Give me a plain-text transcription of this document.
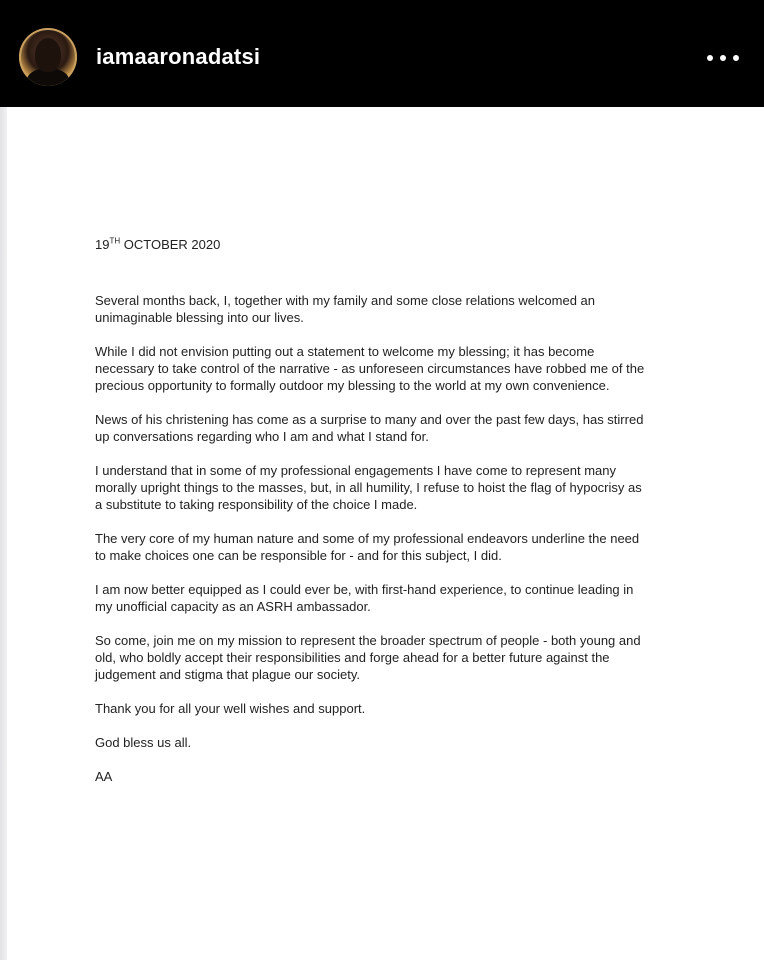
iamaaronadatsi
19TH OCTOBER 2020

Several months back, I, together with my family and some close relations welcomed an
unimaginable blessing into our lives.

While I did not envision putting out a statement to welcome my blessing; it has become
necessary to take control of the narrative - as unforeseen circumstances have robbed me of the
precious opportunity to formally outdoor my blessing to the world at my own convenience.

News of his christening has come as a surprise to many and over the past few days, has stirred
up conversations regarding who I am and what I stand for.

I understand that in some of my professional engagements I have come to represent many
morally upright things to the masses, but, in all humility, I refuse to hoist the flag of hypocrisy as
a substitute to taking responsibility of the choice I made.

The very core of my human nature and some of my professional endeavors underline the need
to make choices one can be responsible for - and for this subject, I did.

I am now better equipped as I could ever be, with first-hand experience, to continue leading in
my unofficial capacity as an ASRH ambassador.

So come, join me on my mission to represent the broader spectrum of people - both young and
old, who boldly accept their responsibilities and forge ahead for a better future against the
judgement and stigma that plague our society.

Thank you for all your well wishes and support.

God bless us all.

AA
